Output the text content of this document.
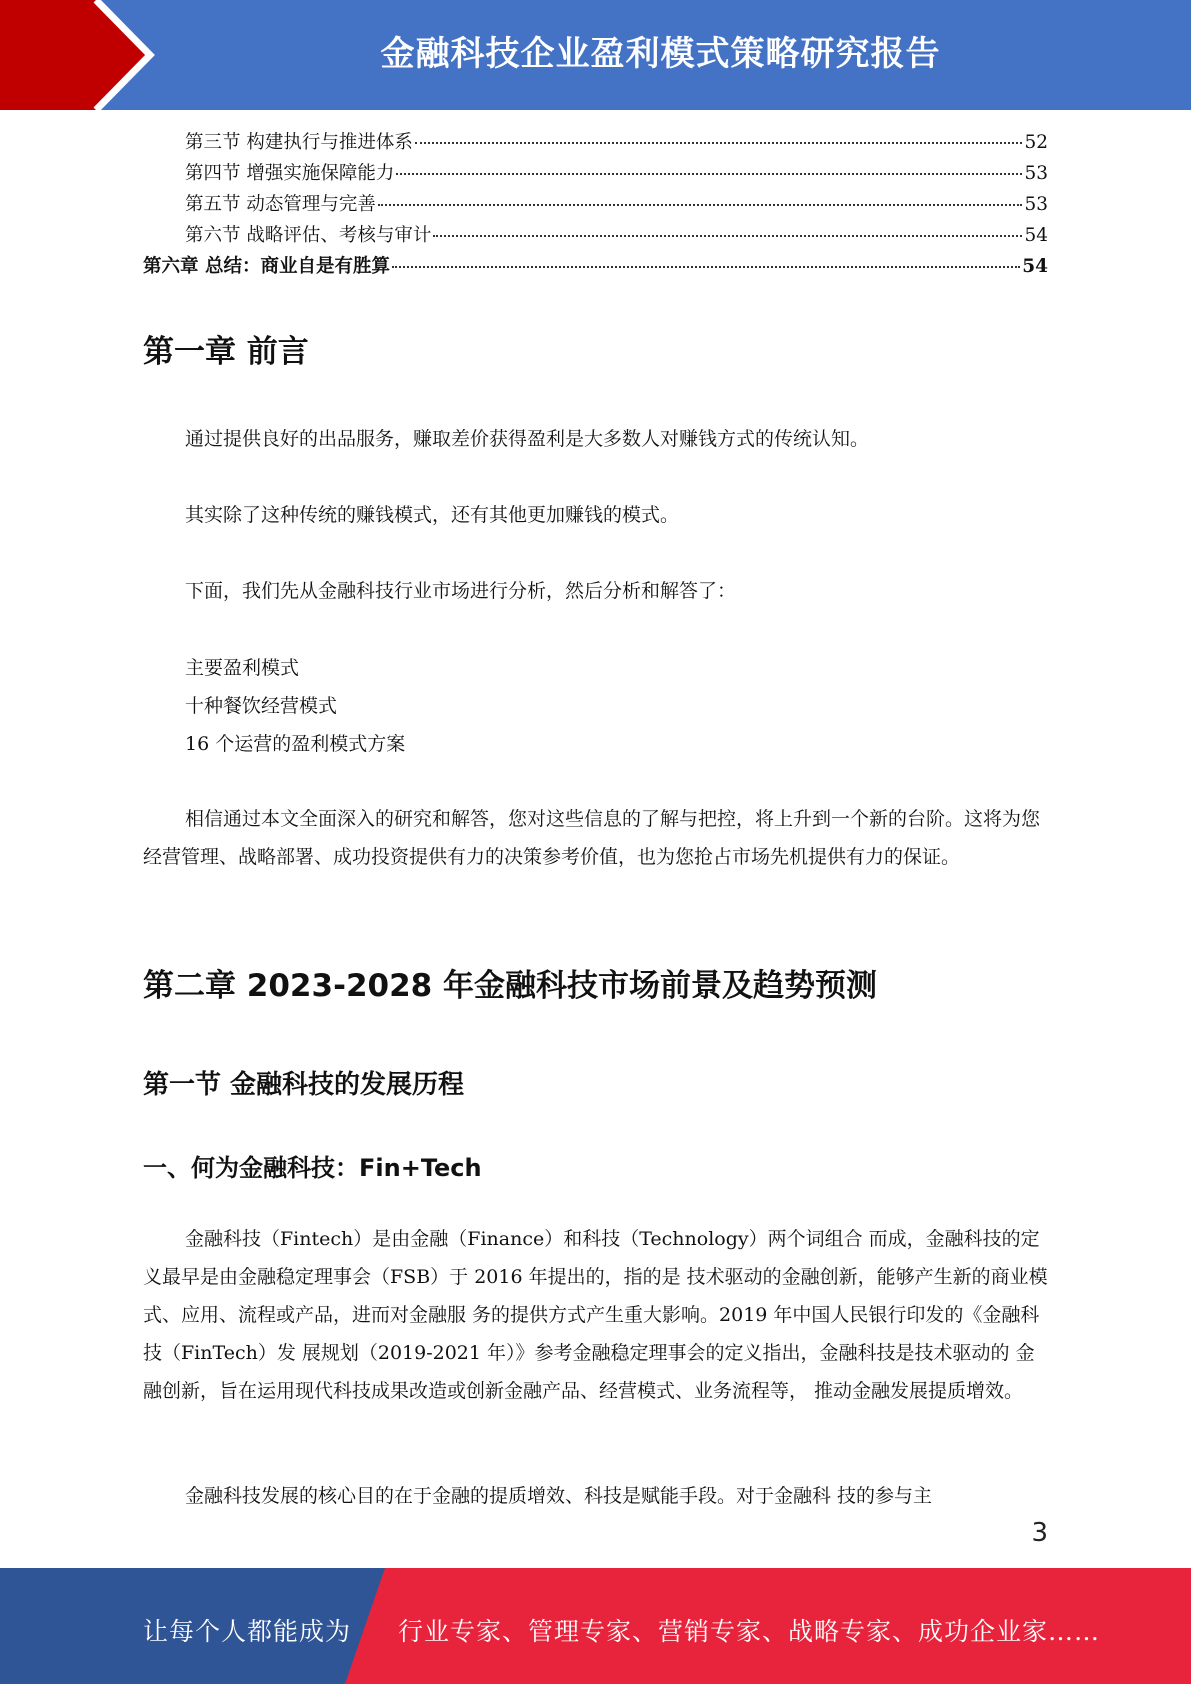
金融科技企业盈利模式策略研究报告
第三节 构建执行与推进体系	52
第四节 增强实施保障能力	53
第五节 动态管理与完善	53
第六节 战略评估、考核与审计	54
第六章 总结：商业自是有胜算	54
第一章 前言

通过提供良好的出品服务，赚取差价获得盈利是大多数人对赚钱方式的传统认知。

其实除了这种传统的赚钱模式，还有其他更加赚钱的模式。

下面，我们先从金融科技行业市场进行分析，然后分析和解答了：

主要盈利模式

十种餐饮经营模式

16 个运营的盈利模式方案

相信通过本文全面深入的研究和解答，您对这些信息的了解与把控，将上升到一个新的台阶。这将为您经营管理、战略部署、成功投资提供有力的决策参考价值，也为您抢占市场先机提供有力的保证。

第二章 2023-2028 年金融科技市场前景及趋势预测
第一节 金融科技的发展历程
一、何为金融科技：Fin+Tech

金融科技（Fintech）是由金融（Finance）和科技（Technology）两个词组合 而成，金融科技的定义最早是由金融稳定理事会（FSB）于 2016 年提出的，指的是 技术驱动的金融创新，能够产生新的商业模式、应用、流程或产品，进而对金融服 务的提供方式产生重大影响。2019 年中国人民银行印发的《金融科技（FinTech）发 展规划（2019-2021 年）》参考金融稳定理事会的定义指出，金融科技是技术驱动的 金融创新，旨在运用现代科技成果改造或创新金融产品、经营模式、业务流程等， 推动金融发展提质增效。

金融科技发展的核心目的在于金融的提质增效、科技是赋能手段。对于金融科 技的参与主

3
让每个人都能成为 行业专家、管理专家、营销专家、战略专家、成功企业家……
